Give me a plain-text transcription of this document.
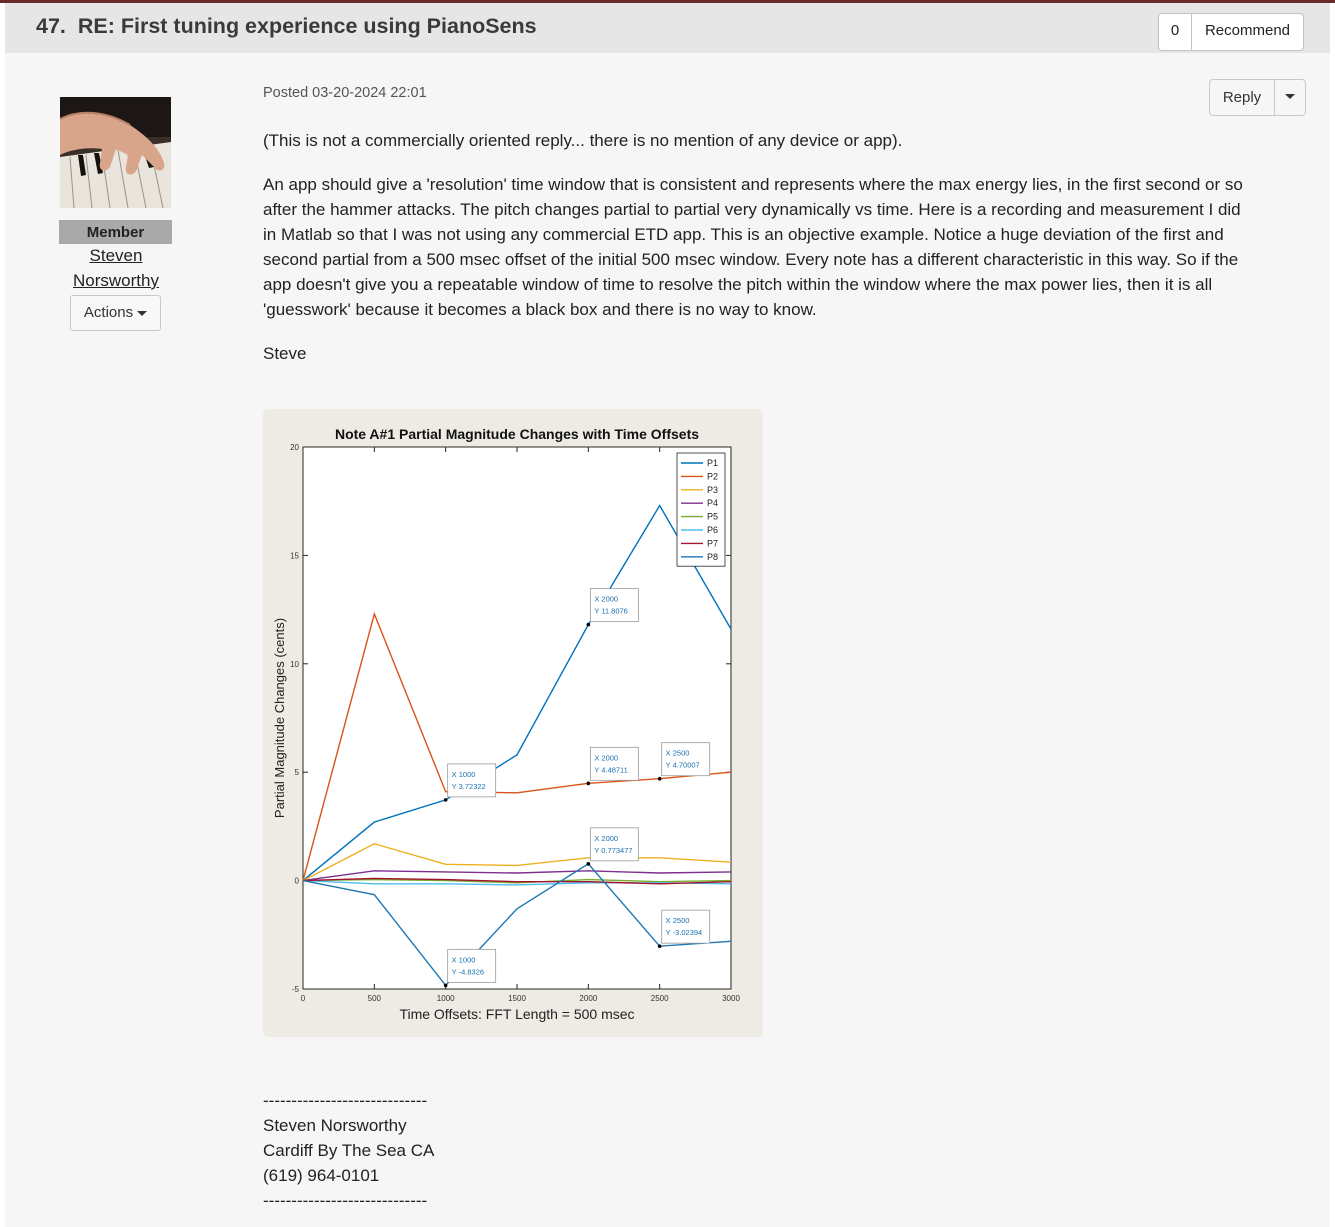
47. RE: First tuning experience using PianoSens	0	Recommend
Member
Steven
Norsworthy
Actions
Posted 03-20-2024 22:01	Reply

(This is not a commercially oriented reply... there is no mention of any device or app).

An app should give a 'resolution' time window that is consistent and represents where the max energy lies, in the first second or so
after the hammer attacks. The pitch changes partial to partial very dynamically vs time. Here is a recording and measurement I did
in Matlab so that I was not using any commercial ETD app. This is an objective example. Notice a huge deviation of the first and
second partial from a 500 msec offset of the initial 500 msec window. Every note has a different characteristic in this way. So if the
app doesn't give you a repeatable window of time to resolve the pitch within the window where the max power lies, then it is all
'guesswork' because it becomes a black box and there is no way to know.

Steve

Note A#1 Partial Magnitude Changes with Time Offsets
Time Offsets: FFT Length = 500 msec
Partial Magnitude Changes (cents)
0	500	1000	1500	2000	2500	3000
-5
0
5
10
15
20
X 1000
Y 3.72322
X 2000
Y 11.8076
X 2000
Y 4.48711
X 2500
Y 4.70007
X 2000
Y 0.773477
X 2500
Y -3.02394
X 1000
Y -4.8326
P1
P2
P3
P4
P5
P6
P7
P8
-----------------------------
Steven Norsworthy
Cardiff By The Sea CA
(619) 964-0101
-----------------------------
